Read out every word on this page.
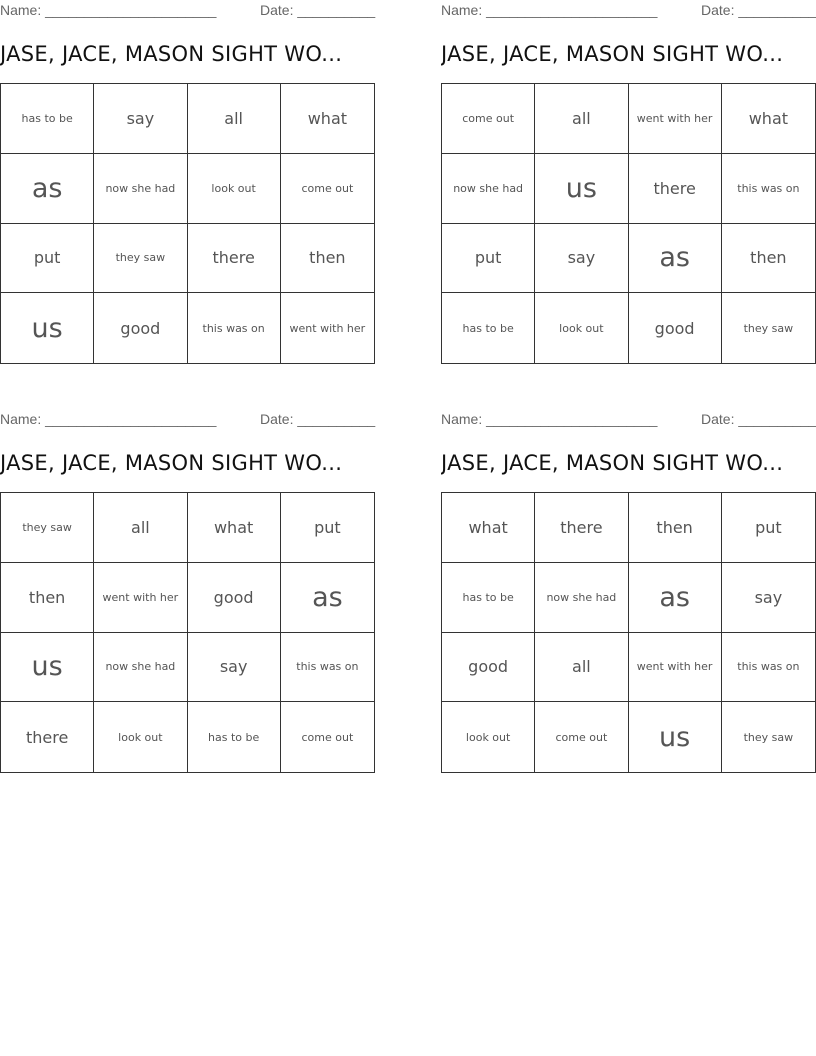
Name: ______________________	Date: __________
JASE, JACE, MASON SIGHT WO...
has to be	say	all	what
as	now she had	look out	come out
put	they saw	there	then
us	good	this was on	went with her
Name: ______________________	Date: __________
JASE, JACE, MASON SIGHT WO...
come out	all	went with her	what
now she had	us	there	this was on
put	say	as	then
has to be	look out	good	they saw
Name: ______________________	Date: __________
JASE, JACE, MASON SIGHT WO...
they saw	all	what	put
then	went with her	good	as
us	now she had	say	this was on
there	look out	has to be	come out
Name: ______________________	Date: __________
JASE, JACE, MASON SIGHT WO...
what	there	then	put
has to be	now she had	as	say
good	all	went with her	this was on
look out	come out	us	they saw
